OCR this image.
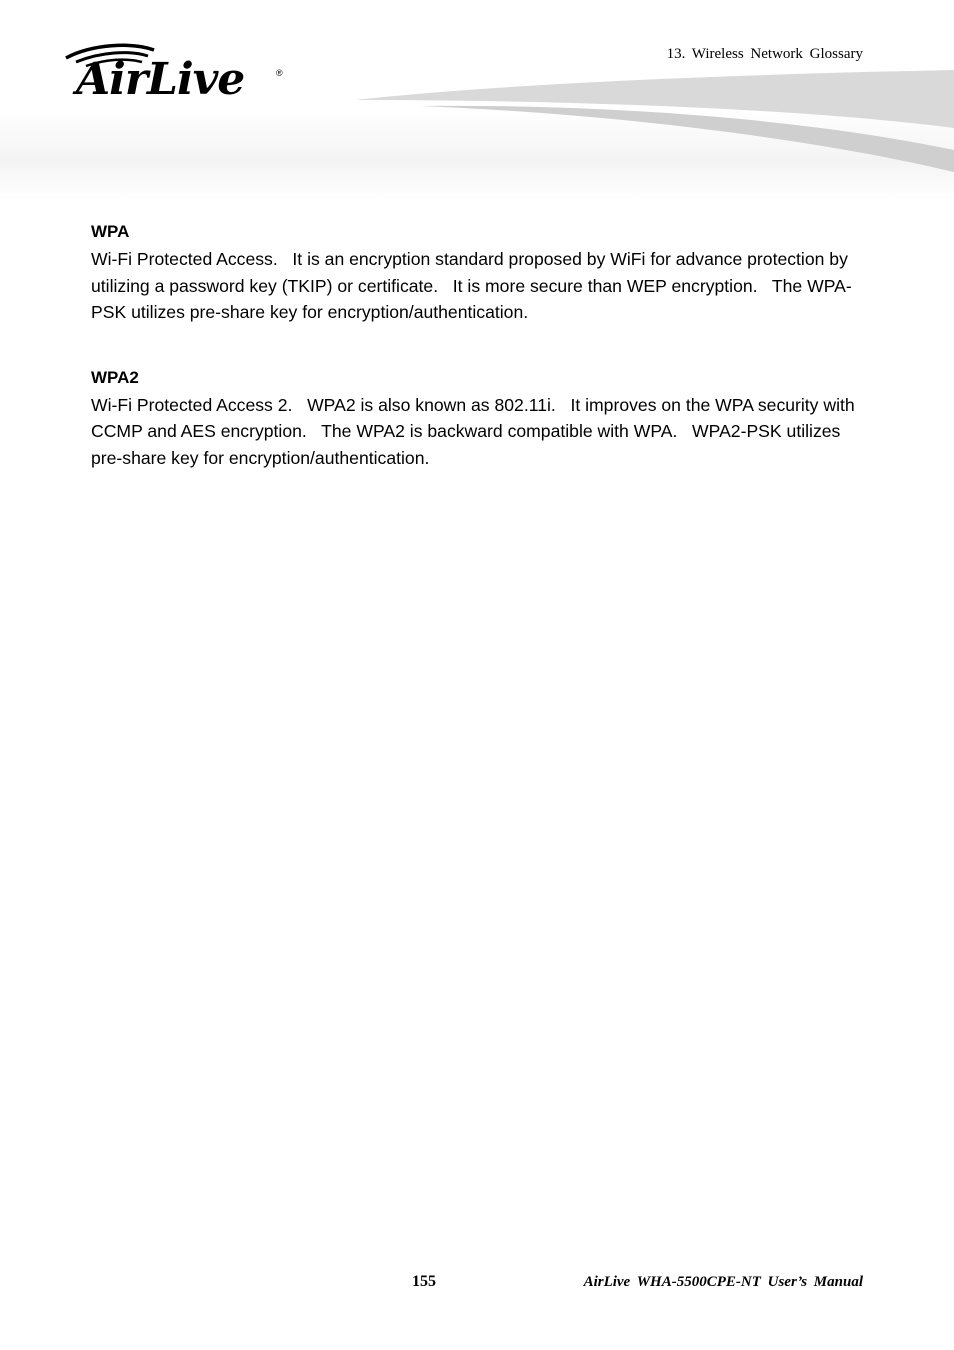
AirLive	®
13. Wireless Network Glossary

WPA

Wi-Fi Protected Access.   It is an encryption standard proposed by WiFi for advance protection by utilizing a password key (TKIP) or certificate.   It is more secure than WEP encryption.   The WPA-PSK utilizes pre-share key for encryption/authentication.

WPA2

Wi-Fi Protected Access 2.   WPA2 is also known as 802.11i.   It improves on the WPA security with CCMP and AES encryption.   The WPA2 is backward compatible with WPA.   WPA2-PSK utilizes pre-share key for encryption/authentication.

155	AirLive WHA-5500CPE-NT User’s Manual
